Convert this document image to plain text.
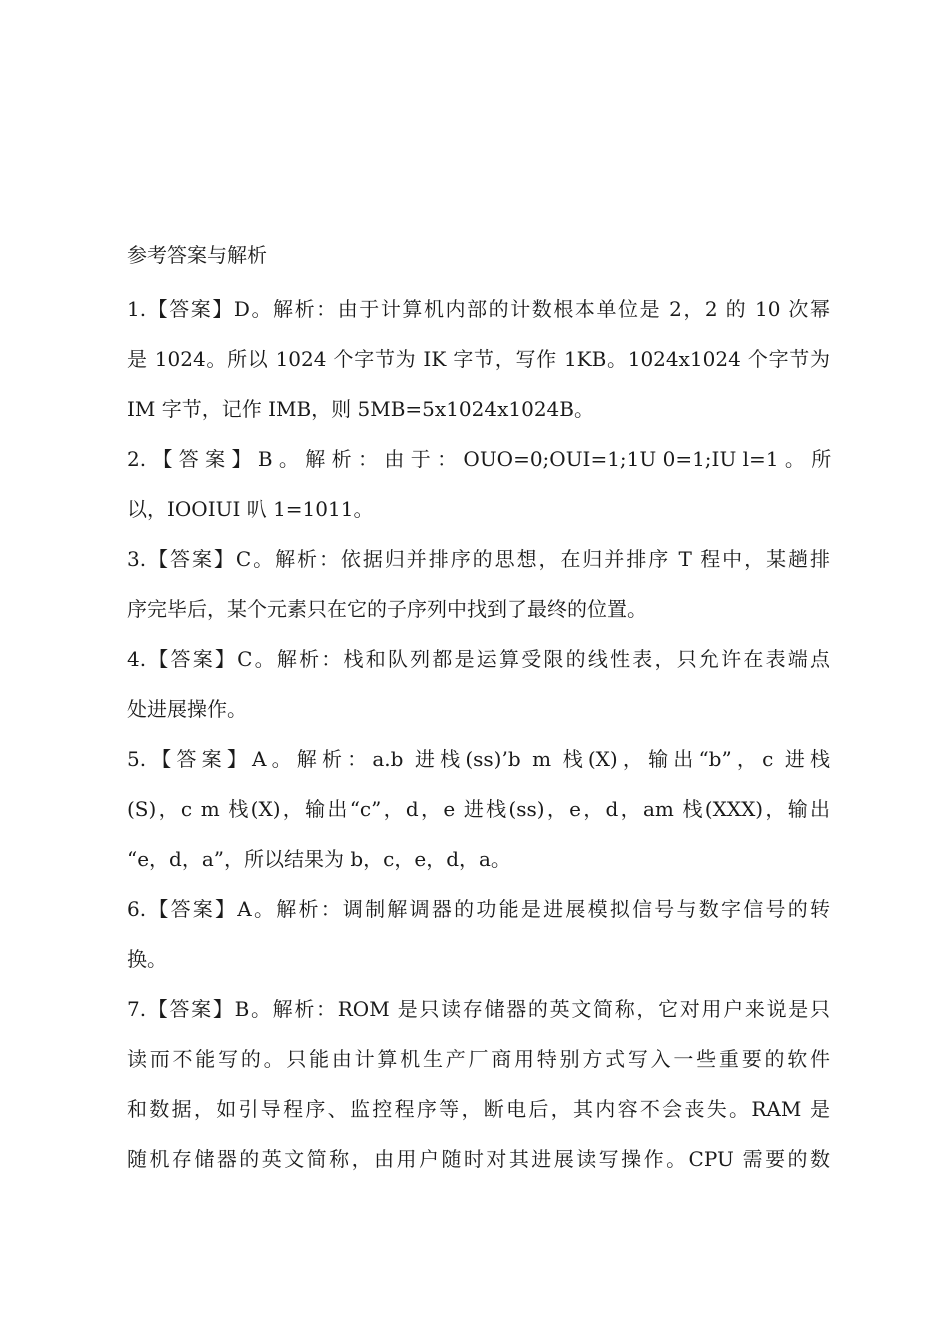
参考答案与解析
1.【答案】D。解析：由于计算机内部的计数根本单位是 2，2 的 10 次幂
是 1024。所以 1024 个字节为 IK 字节，写作 1KB。1024x1024 个字节为
IM 字节，记作 IMB，则 5MB=5x1024x1024B。
2. 【 答 案 】 B 。 解 析 ： 由 于 ： OUO=0;OUI=1;1U 0=1;IU l=1 。 所
以，IOOIUI 叭 1=1011。
3.【答案】C。解析：依据归并排序的思想，在归并排序 T 程中，某趟排
序完毕后，某个元素只在它的子序列中找到了最终的位置。
4.【答案】C。解析：栈和队列都是运算受限的线性表，只允许在表端点
处进展操作。
5.【答案】A。解析：a.b 进栈(ss)’b m 栈(X)，输出“b”，c 进栈
(S)，c m 栈(X)，输出“c”，d，e 进栈(ss)，e，d，am 栈(XXX)，输出
“e，d，a”，所以结果为 b，c，e，d，a。
6.【答案】A。解析：调制解调器的功能是进展模拟信号与数字信号的转
换。
7.【答案】B。解析：ROM 是只读存储器的英文简称，它对用户来说是只
读而不能写的。只能由计算机生产厂商用特别方式写入一些重要的软件
和数据，如引导程序、监控程序等，断电后，其内容不会丧失。RAM 是
随机存储器的英文简称，由用户随时对其进展读写操作。CPU 需要的数
